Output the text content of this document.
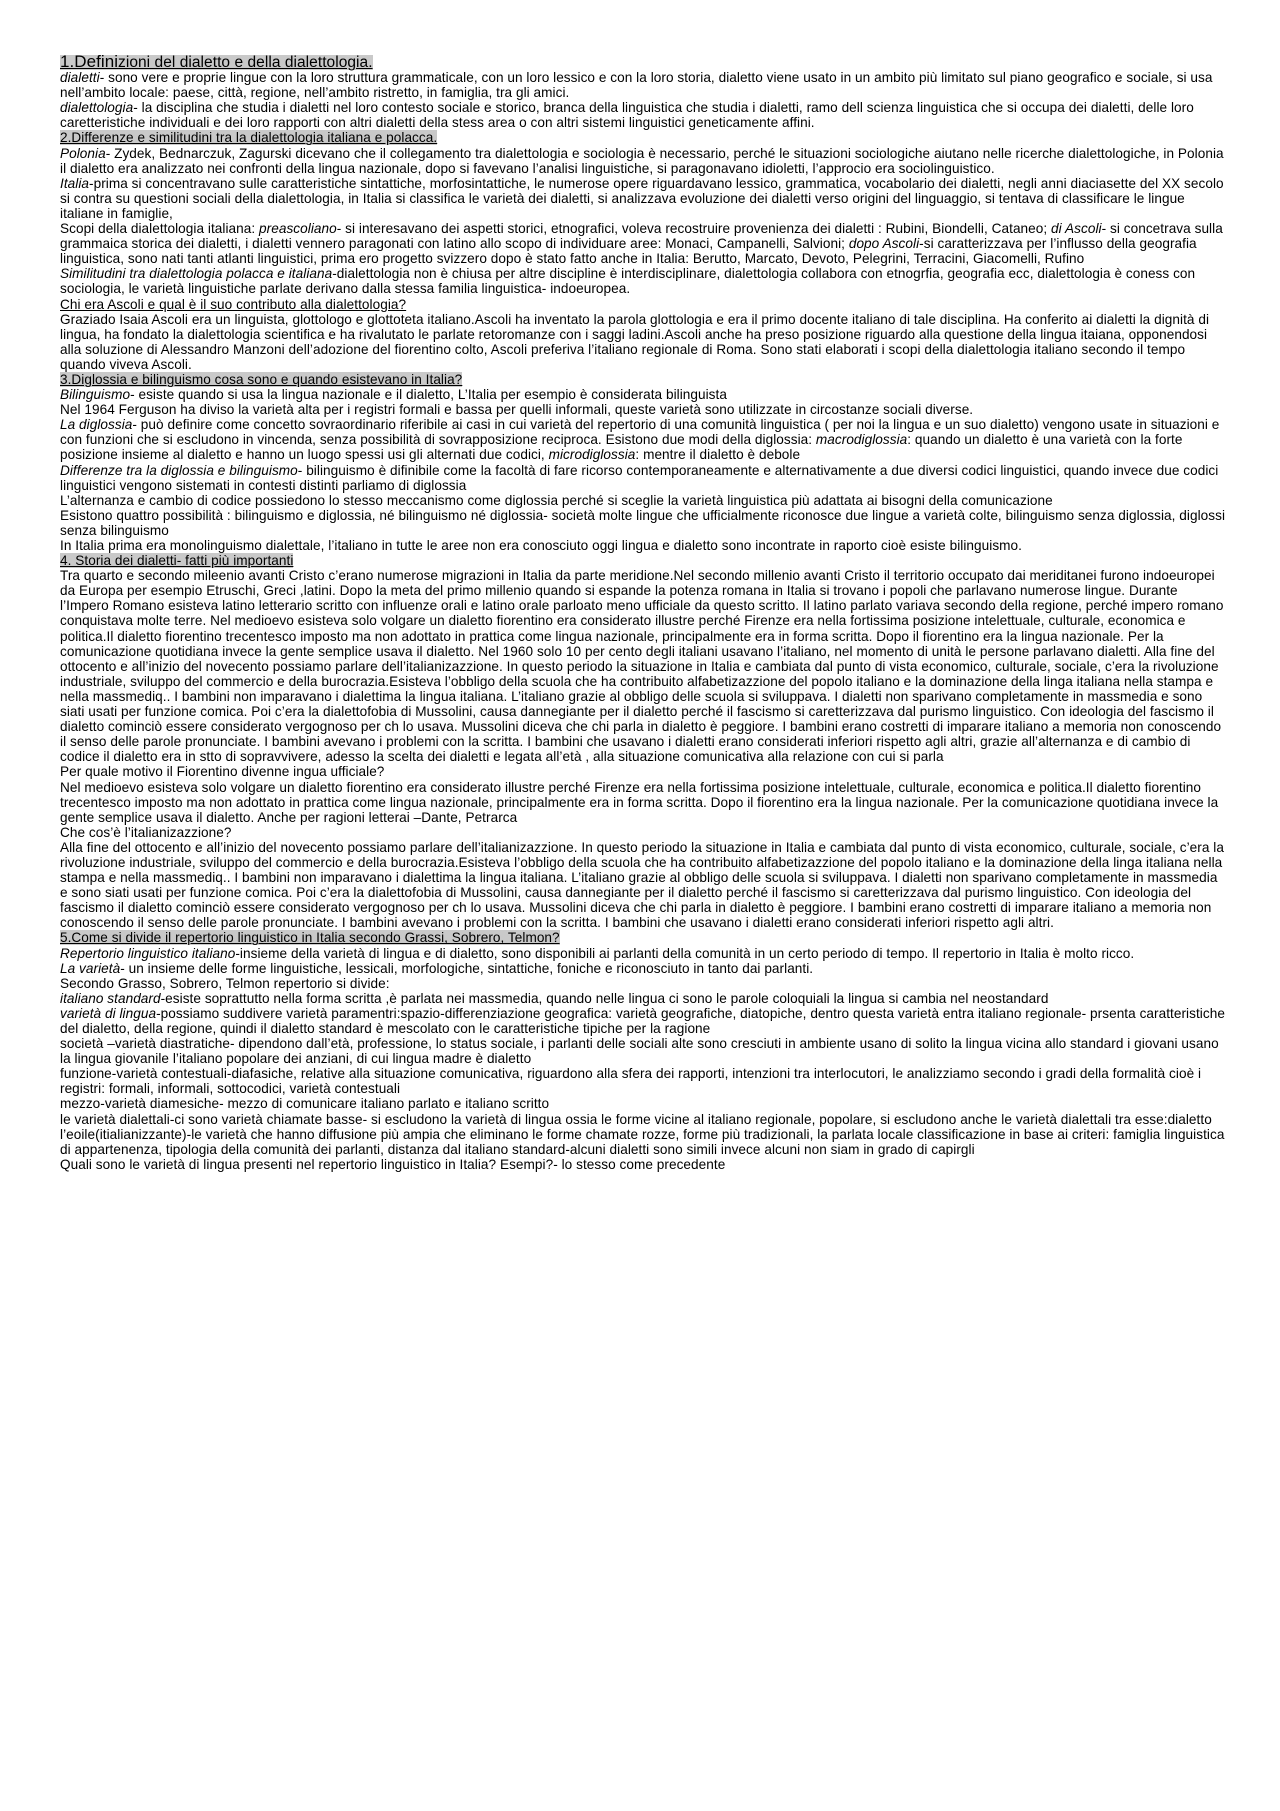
1.Definizioni del dialetto e della dialettologia.

dialetti- sono vere e proprie lingue con la loro struttura grammaticale, con un loro lessico e con la loro storia, dialetto viene usato in un ambito più limitato sul piano geografico e sociale, si usa nell’ambito locale: paese, città, regione, nell’ambito ristretto, in famiglia, tra gli amici.

dialettologia- la disciplina che studia i dialetti nel loro contesto sociale e storico, branca della linguistica che studia i dialetti, ramo dell scienza linguistica che si occupa dei dialetti, delle loro caretteristiche individuali e dei loro rapporti con altri dialetti della stess area o con altri sistemi linguistici geneticamente affini.

2.Differenze e similitudini tra la dialettologia italiana e polacca.

Polonia- Zydek, Bednarczuk, Zagurski dicevano che il collegamento tra dialettologia e sociologia è necessario, perché le situazioni sociologiche aiutano nelle ricerche dialettologiche, in Polonia il dialetto era analizzato nei confronti della lingua nazionale, dopo si favevano l’analisi linguistiche, si paragonavano idioletti, l’approcio era sociolinguistico.

Italia-prima si concentravano sulle caratteristiche sintattiche, morfosintattiche, le numerose opere riguardavano lessico, grammatica, vocabolario dei dialetti, negli anni diaciasette del XX secolo si contra su questioni sociali della dialettologia, in Italia si classifica le varietà dei dialetti, si analizzava evoluzione dei dialetti verso origini del linguaggio, si tentava di classificare le lingue italiane in famiglie,

Scopi della dialettologia italiana: preascoliano- si interesavano dei aspetti storici, etnografici, voleva recostruire provenienza dei dialetti : Rubini, Biondelli, Cataneo; di Ascoli- si concetrava sulla grammaica storica dei dialetti, i dialetti vennero paragonati con latino allo scopo di individuare aree: Monaci, Campanelli, Salvioni; dopo Ascoli-si caratterizzava per l’influsso della geografia linguistica, sono nati tanti atlanti linguistici, prima ero progetto svizzero dopo è stato fatto anche in Italia: Berutto, Marcato, Devoto, Pelegrini, Terracini, Giacomelli, Rufino

Similitudini tra dialettologia polacca e italiana-dialettologia non è chiusa per altre discipline è interdisciplinare, dialettologia collabora con etnogrfia, geografia ecc, dialettologia è coness con sociologia, le varietà linguistiche parlate derivano dalla stessa familia linguistica- indoeuropea.

Chi era Ascoli e qual è il suo contributo alla dialettologia?

Graziado Isaia Ascoli era un linguista, glottologo e glottoteta italiano.Ascoli ha inventato la parola glottologia e era il primo docente italiano di tale disciplina. Ha conferito ai dialetti la dignità di lingua, ha fondato la dialettologia scientifica e ha rivalutato le parlate retoromanze con i saggi ladini.Ascoli anche ha preso posizione riguardo alla questione della lingua itaiana, opponendosi alla soluzione di Alessandro Manzoni dell’adozione del fiorentino colto, Ascoli preferiva l’italiano regionale di Roma. Sono stati elaborati i scopi della dialettologia italiano secondo il tempo quando viveva Ascoli.

3.Diglossia e bilinguismo cosa sono e quando esistevano in Italia?

Bilinguismo- esiste quando si usa la lingua nazionale e il dialetto, L’Italia per esempio è considerata bilinguista

Nel 1964 Ferguson ha diviso la varietà alta per i registri formali e bassa per quelli informali, queste varietà sono utilizzate in circostanze sociali diverse.

La diglossia- può definire come concetto sovraordinario riferibile ai casi in cui varietà del repertorio di una comunità linguistica ( per noi la lingua e un suo dialetto) vengono usate in situazioni e con funzioni che si escludono in vincenda, senza possibilità di sovrapposizione reciproca. Esistono due modi della diglossia: macrodiglossia: quando un dialetto è una varietà con la forte posizione insieme al dialetto e hanno un luogo spessi usi gli alternati due codici, microdiglossia: mentre il dialetto è debole

Differenze tra la diglossia e bilinguismo- bilinguismo è difinibile come la facoltà di fare ricorso contemporaneamente e alternativamente a due diversi codici linguistici, quando invece due codici linguistici vengono sistemati in contesti distinti parliamo di diglossia

L’alternanza e cambio di codice possiedono lo stesso meccanismo come diglossia perché si sceglie la varietà linguistica più adattata ai bisogni della comunicazione

Esistono quattro possibilità : bilinguismo e diglossia, né bilinguismo né diglossia- società molte lingue che ufficialmente riconosce due lingue a varietà colte, bilinguismo senza diglossia, diglossi senza bilinguismo

In Italia prima era monolinguismo dialettale, l’italiano in tutte le aree non era conosciuto oggi lingua e dialetto sono incontrate in raporto cioè esiste bilinguismo.

4. Storia dei dialetti- fatti più importanti

Tra quarto e secondo mileenio avanti Cristo c’erano numerose migrazioni in Italia da parte meridione.Nel secondo millenio avanti Cristo il territorio occupato dai meriditanei furono indoeuropei da Europa per esempio Etruschi, Greci ,latini. Dopo la meta del primo millenio quando si espande la potenza romana in Italia si trovano i popoli che parlavano numerose lingue. Durante l’Impero Romano esisteva latino letterario scritto con influenze orali e latino orale parloato meno ufficiale da questo scritto. Il latino parlato variava secondo della regione, perché impero romano conquistava molte terre. Nel medioevo esisteva solo volgare un dialetto fiorentino era considerato illustre perché Firenze era nella fortissima posizione intelettuale, culturale, economica e politica.Il dialetto fiorentino trecentesco imposto ma non adottato in prattica come lingua nazionale, principalmente era in forma scritta. Dopo il fiorentino era la lingua nazionale. Per la comunicazione quotidiana invece la gente semplice usava il dialetto. Nel 1960 solo 10 per cento degli italiani usavano l’italiano, nel momento di unità le persone parlavano dialetti. Alla fine del ottocento e all’inizio del novecento possiamo parlare dell’italianizazzione. In questo periodo la situazione in Italia e cambiata dal punto di vista economico, culturale, sociale, c’era la rivoluzione industriale, sviluppo del commercio e della burocrazia.Esisteva l’obbligo della scuola che ha contribuito alfabetizazzione del popolo italiano e la dominazione della linga italiana nella stampa e nella massmediq.. I bambini non imparavano i dialettima la lingua italiana. L’italiano grazie al obbligo delle scuola si sviluppava. I dialetti non sparivano completamente in massmedia e sono siati usati per funzione comica. Poi c’era la dialettofobia di Mussolini, causa dannegiante per il dialetto perché il fascismo si caretterizzava dal purismo linguistico. Con ideologia del fascismo il dialetto cominciò essere considerato vergognoso per ch lo usava. Mussolini diceva che chi parla in dialetto è peggiore. I bambini erano costretti di imparare italiano a memoria non conoscendo il senso delle parole pronunciate. I bambini avevano i problemi con la scritta. I bambini che usavano i dialetti erano considerati inferiori rispetto agli altri, grazie all’alternanza e di cambio di codice il dialetto era in stto di sopravvivere, adesso la scelta dei dialetti e legata all’età , alla situazione comunicativa alla relazione con cui si parla

Per quale motivo il Fiorentino divenne ingua ufficiale?

Nel medioevo esisteva solo volgare un dialetto fiorentino era considerato illustre perché Firenze era nella fortissima posizione intelettuale, culturale, economica e politica.Il dialetto fiorentino trecentesco imposto ma non adottato in prattica come lingua nazionale, principalmente era in forma scritta. Dopo il fiorentino era la lingua nazionale. Per la comunicazione quotidiana invece la gente semplice usava il dialetto. Anche per ragioni letterai –Dante, Petrarca

Che cos’è l’italianizazzione?

Alla fine del ottocento e all’inizio del novecento possiamo parlare dell’italianizazzione. In questo periodo la situazione in Italia e cambiata dal punto di vista economico, culturale, sociale, c’era la rivoluzione industriale, sviluppo del commercio e della burocrazia.Esisteva l’obbligo della scuola che ha contribuito alfabetizazzione del popolo italiano e la dominazione della linga italiana nella stampa e nella massmediq.. I bambini non imparavano i dialettima la lingua italiana. L’italiano grazie al obbligo delle scuola si sviluppava. I dialetti non sparivano completamente in massmedia e sono siati usati per funzione comica. Poi c’era la dialettofobia di Mussolini, causa dannegiante per il dialetto perché il fascismo si caretterizzava dal purismo linguistico. Con ideologia del fascismo il dialetto cominciò essere considerato vergognoso per ch lo usava. Mussolini diceva che chi parla in dialetto è peggiore. I bambini erano costretti di imparare italiano a memoria non conoscendo il senso delle parole pronunciate. I bambini avevano i problemi con la scritta. I bambini che usavano i dialetti erano considerati inferiori rispetto agli altri.

5.Come si divide il repertorio linguistico in Italia secondo Grassi, Sobrero, Telmon?

Repertorio linguistico italiano-insieme della varietà di lingua e di dialetto, sono disponibili ai parlanti della comunità in un certo periodo di tempo. Il repertorio in Italia è molto ricco.

La varietà- un insieme delle forme linguistiche, lessicali, morfologiche, sintattiche, foniche e riconosciuto in tanto dai parlanti.

Secondo Grasso, Sobrero, Telmon repertorio si divide:

italiano standard-esiste soprattutto nella forma scritta ,è parlata nei massmedia, quando nelle lingua ci sono le parole coloquiali la lingua si cambia nel neostandard

varietà di lingua-possiamo suddivere varietà paramentri:spazio-differenziazione geografica: varietà geografiche, diatopiche, dentro questa varietà entra italiano regionale- prsenta caratteristiche del dialetto, della regione, quindi il dialetto standard è mescolato con le caratteristiche tipiche per la ragione

società –varietà diastratiche- dipendono dall’età, professione, lo status sociale, i parlanti delle sociali alte sono cresciuti in ambiente usano di solito la lingua vicina allo standard i giovani usano la lingua giovanile l’italiano popolare dei anziani, di cui lingua madre è dialetto

funzione-varietà contestuali-diafasiche, relative alla situazione comunicativa, riguardono alla sfera dei rapporti, intenzioni tra interlocutori, le analizziamo secondo i gradi della formalità cioè i registri: formali, informali, sottocodici, varietà contestuali

mezzo-varietà diamesiche- mezzo di comunicare italiano parlato e italiano scritto

le varietà dialettali-ci sono varietà chiamate basse- si escludono la varietà di lingua ossia le forme vicine al italiano regionale, popolare, si escludono anche le varietà dialettali tra esse:dialetto l’eoile(itialianizzante)-le varietà che hanno diffusione più ampia che eliminano le forme chamate rozze, forme più tradizionali, la parlata locale classificazione in base ai criteri: famiglia linguistica di appartenenza, tipologia della comunità dei parlanti, distanza dal italiano standard-alcuni dialetti sono simili invece alcuni non siam in grado di capirgli

Quali sono le varietà di lingua presenti nel repertorio linguistico in Italia? Esempi?- lo stesso come precedente
